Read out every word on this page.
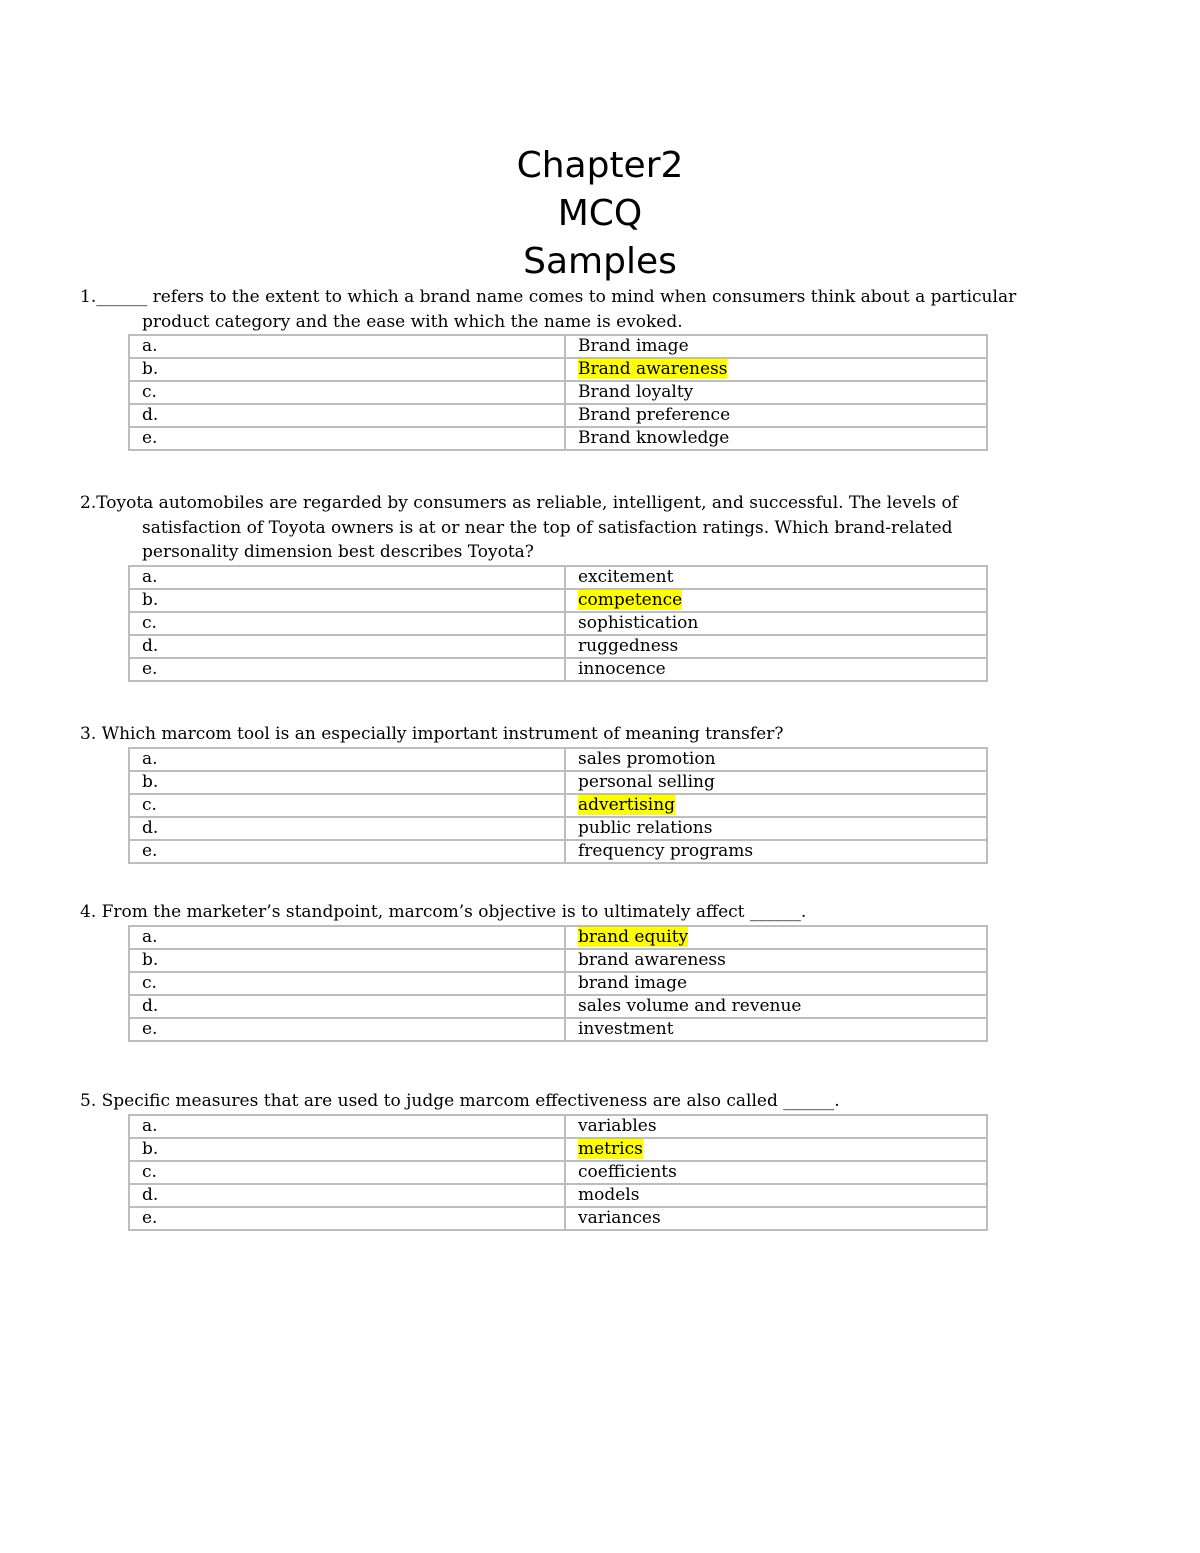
Chapter2
MCQ
Samples
1.______ refers to the extent to which a brand name comes to mind when consumers think about a particular product category and the ease with which the name is evoked.
a.	Brand image
b.	Brand awareness
c.	Brand loyalty
d.	Brand preference
e.	Brand knowledge
2.Toyota automobiles are regarded by consumers as reliable, intelligent, and successful. The levels of satisfaction of Toyota owners is at or near the top of satisfaction ratings. Which brand-related personality dimension best describes Toyota?
a.	excitement
b.	competence
c.	sophistication
d.	ruggedness
e.	innocence
3. Which marcom tool is an especially important instrument of meaning transfer?
a.	sales promotion
b.	personal selling
c.	advertising
d.	public relations
e.	frequency programs
4. From the marketer’s standpoint, marcom’s objective is to ultimately affect ______.
a.	brand equity
b.	brand awareness
c.	brand image
d.	sales volume and revenue
e.	investment
5. Specific measures that are used to judge marcom effectiveness are also called ______.
a.	variables
b.	metrics
c.	coefficients
d.	models
e.	variances
